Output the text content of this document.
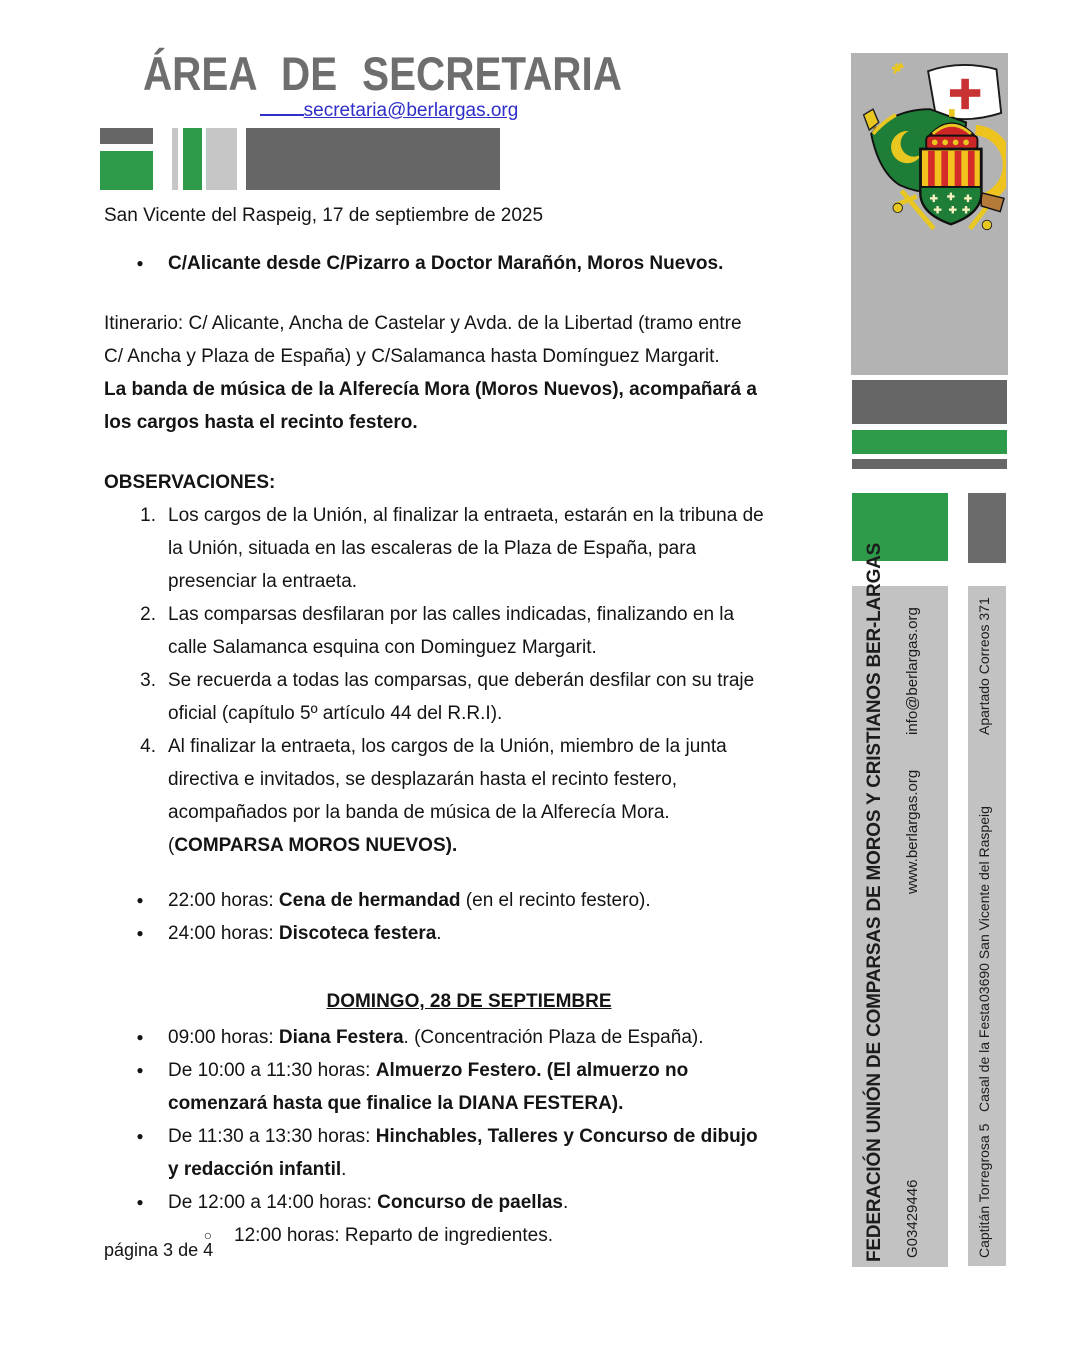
ÁREA DE SECRETARIA
secretaria@berlargas.org
San Vicente del Raspeig, 17 de septiembre de 2025
●	C/Alicante desde C/Pizarro a Doctor Marañón, Moros Nuevos.
Itinerario: C/ Alicante, Ancha de Castelar y Avda. de la Libertad (tramo entre
C/ Ancha y Plaza de España) y C/Salamanca hasta Domínguez Margarit.
La banda de música de la Alferecía Mora (Moros Nuevos), acompañará a
los cargos hasta el recinto festero.
OBSERVACIONES:
1. Los cargos de la Unión, al finalizar la entraeta, estarán en la tribuna de
la Unión, situada en las escaleras de la Plaza de España, para
presenciar la entraeta.
2. Las comparsas desfilaran por las calles indicadas, finalizando en la
calle Salamanca esquina con Dominguez Margarit.
3. Se recuerda a todas las comparsas, que deberán desfilar con su traje
oficial (capítulo 5º artículo 44 del R.R.I).
4. Al finalizar la entraeta, los cargos de la Unión, miembro de la junta
directiva e invitados, se desplazarán hasta el recinto festero,
acompañados por la banda de música de la Alferecía Mora.
(COMPARSA MOROS NUEVOS).
●	22:00 horas: Cena de hermandad (en el recinto festero).
●	24:00 horas: Discoteca festera.
DOMINGO, 28 DE SEPTIEMBRE
●	09:00 horas: Diana Festera. (Concentración Plaza de España).
●	De 10:00 a 11:30 horas: Almuerzo Festero. (El almuerzo no
comenzará hasta que finalice la DIANA FESTERA).
●	De 11:30 a 13:30 horas: Hinchables, Talleres y Concurso de dibujo
y redacción infantil.
●	De 12:00 a 14:00 horas: Concurso de paellas.
○ 12:00 horas: Reparto de ingredientes.
página 3 de 4	FEDERACIÓN UNIÓN DE COMPARSAS DE MOROS Y CRISTIANOS BER-LARGAS info@berlargas.org
www.berlargas.org
G03429446
Apartado Correos 371
03690 San Vicente del Raspeig
Casal de la Festa
Captitán Torregrosa 5
